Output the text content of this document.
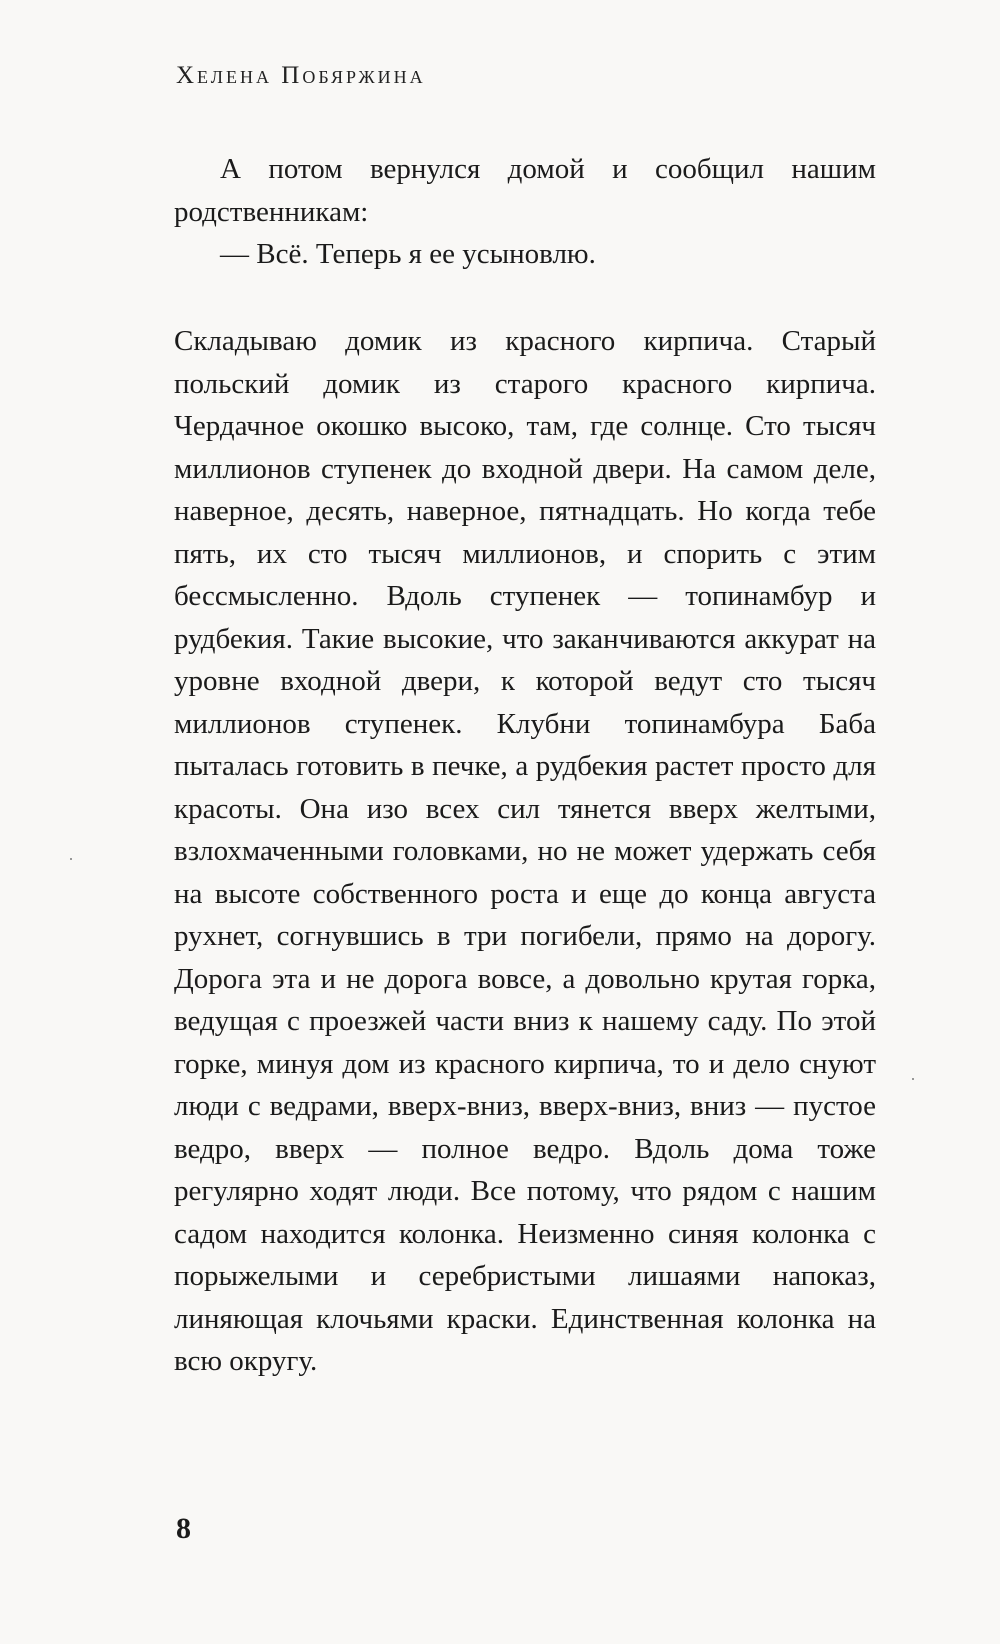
Хелена Побяржина

А потом вернулся домой и сообщил нашим родственникам:

— Всё. Теперь я ее усыновлю.

Складываю домик из красного кирпича. Старый польский домик из старого красного кирпича. Чердачное окошко высоко, там, где солнце. Сто тысяч миллионов ступенек до входной двери. На самом деле, наверное, десять, наверное, пятнадцать. Но когда тебе пять, их сто тысяч миллионов, и спорить с этим бессмысленно. Вдоль ступенек — топинамбур и рудбекия. Такие высокие, что заканчиваются аккурат на уровне входной двери, к которой ведут сто тысяч миллионов ступенек. Клубни топинамбура Баба пыталась готовить в печке, а рудбекия растет просто для красоты. Она изо всех сил тянется вверх желтыми, взлохмаченными головками, но не может удержать себя на высоте собственного роста и еще до конца августа рухнет, согнувшись в три погибели, прямо на дорогу. Дорога эта и не дорога вовсе, а довольно крутая горка, ведущая с проезжей части вниз к нашему саду. По этой горке, минуя дом из красного кирпича, то и дело снуют люди с ведрами, вверх-вниз, вверх-вниз, вниз — пустое ведро, вверх — полное ведро. Вдоль дома тоже регулярно ходят люди. Все потому, что рядом с нашим садом находится колонка. Неизменно синяя колонка с порыжелыми и серебристыми лишаями напоказ, линяющая клочьями краски. Единственная колонка на всю округу.

8
